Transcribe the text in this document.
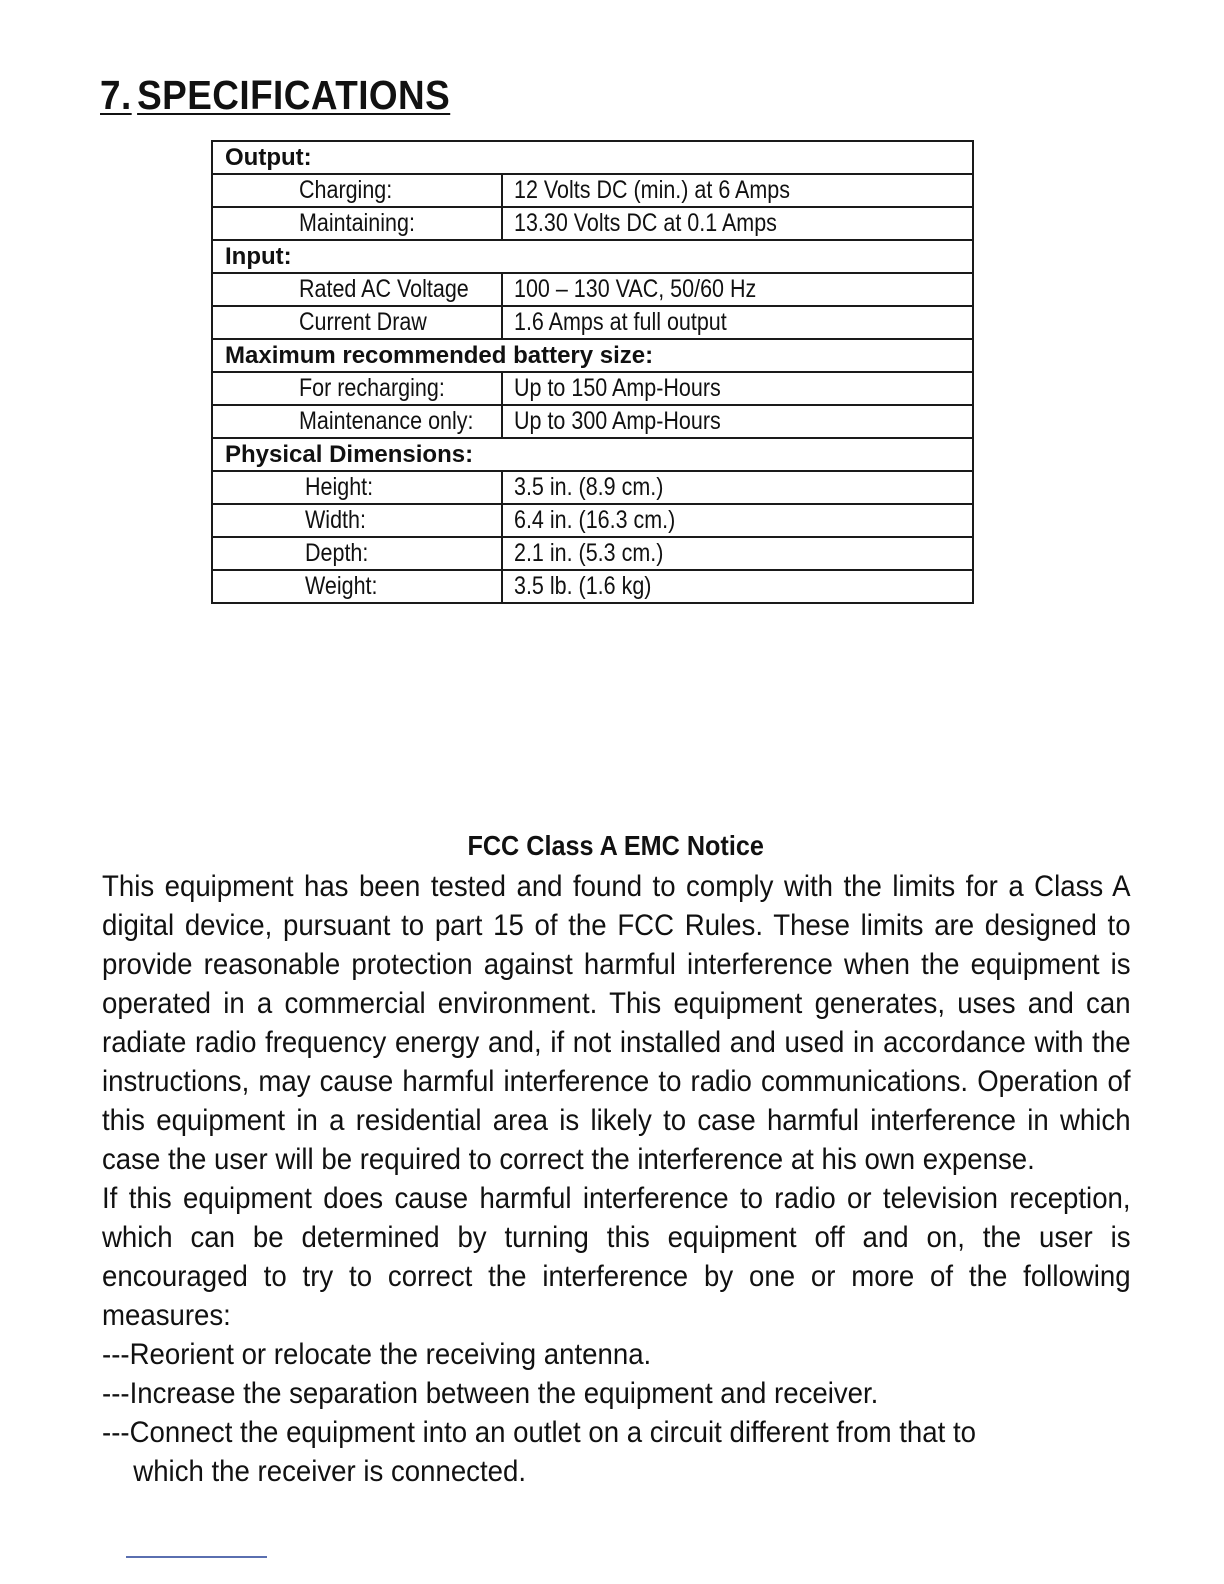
7. SPECIFICATIONS
Output:	
Charging:	12 Volts DC (min.) at 6 Amps
Maintaining:	13.30 Volts DC at 0.1 Amps
Input:	
Rated AC Voltage	100 – 130 VAC, 50/60 Hz
Current Draw	1.6 Amps at full output
Maximum recommended battery size:	
For recharging:	Up to 150 Amp-Hours
Maintenance only:	Up to 300 Amp-Hours
Physical Dimensions:	
Height:	3.5 in. (8.9 cm.)
Width:	6.4 in. (16.3 cm.)
Depth:	2.1 in. (5.3 cm.)
Weight:	3.5 lb. (1.6 kg)
FCC Class A EMC Notice

This equipment has been tested and found to comply with the limits for a Class A digital device, pursuant to part 15 of the FCC Rules. These limits are designed to provide reasonable protection against harmful interference when the equipment is operated in a commercial environment. This equipment generates, uses and can radiate radio frequency energy and, if not installed and used in accordance with the instructions, may cause harmful interference to radio communications. Operation of this equipment in a residential area is likely to case harmful interference in which case the user will be required to correct the interference at his own expense.

If this equipment does cause harmful interference to radio or television reception, which can be determined by turning this equipment off and on, the user is encouraged to try to correct the interference by one or more of the following measures:

---Reorient or relocate the receiving antenna.

---Increase the separation between the equipment and receiver.

---Connect the equipment into an outlet on a circuit different from that to

which the receiver is connected.
